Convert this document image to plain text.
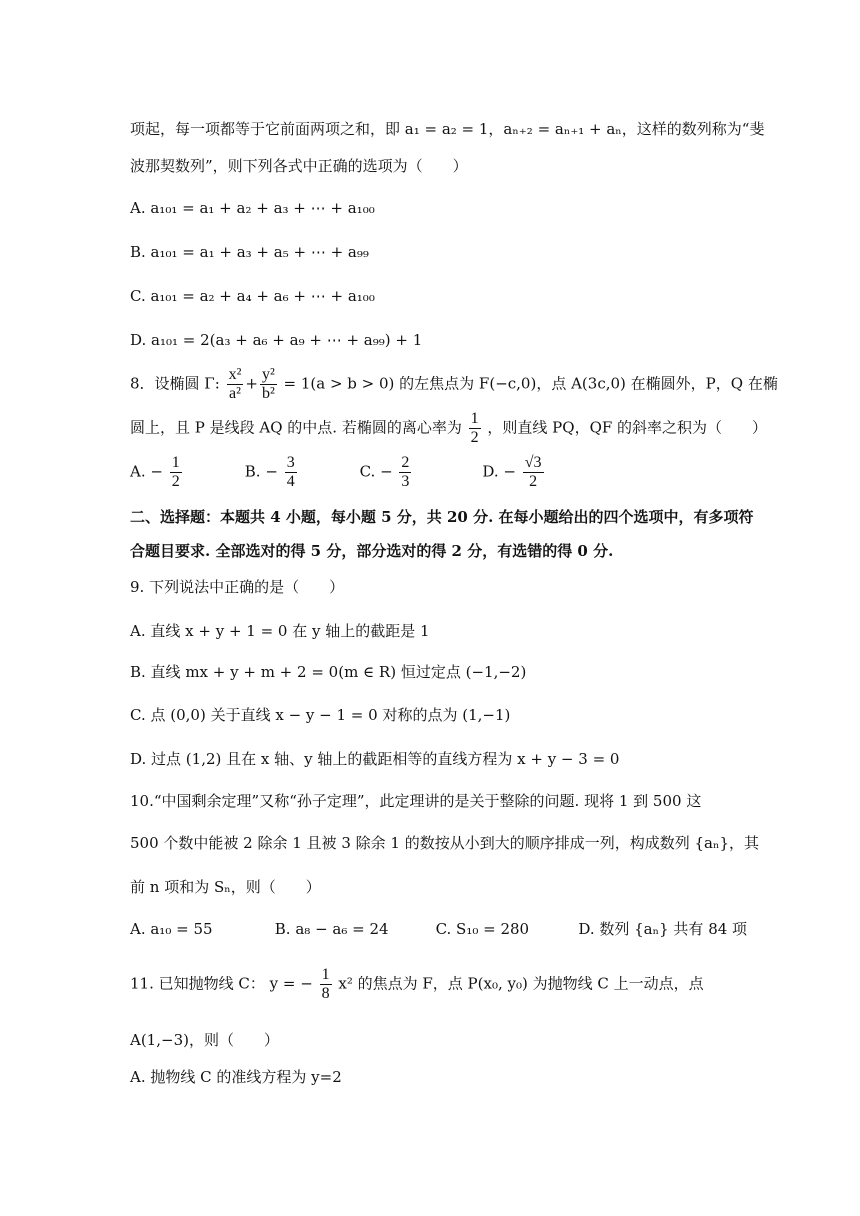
项起，每一项都等于它前面两项之和，即 a₁ = a₂ = 1，aₙ₊₂ = aₙ₊₁ + aₙ，这样的数列称为“斐
波那契数列”，则下列各式中正确的选项为（　　）
A. a₁₀₁ = a₁ + a₂ + a₃ + ⋯ + a₁₀₀
B. a₁₀₁ = a₁ + a₃ + a₅ + ⋯ + a₉₉
C. a₁₀₁ = a₂ + a₄ + a₆ + ⋯ + a₁₀₀
D. a₁₀₁ = 2(a₃ + a₆ + a₉ + ⋯ + a₉₉) + 1
8．设椭圆 Γ: $\frac{\text{x²}}{\text{a²}} + \frac{\text{y²}}{\text{b²}} = 1(a > b > 0)$ 的左焦点为 F(−c,0)，点 A(3c,0) 在椭圆外，P，Q 在椭
圆上，且 P 是线段 AQ 的中点. 若椭圆的离心率为 $\frac{1}{2}$ ，则直线 PQ，QF 的斜率之积为（　　）
A. − $\frac{1}{2}$	B. − $\frac{3}{4}$	C. − $\frac{2}{3}$	D. − $\frac{√3}{2}$
二、选择题：本题共 4 小题，每小题 5 分，共 20 分. 在每小题给出的四个选项中，有多项符
合题目要求. 全部选对的得 5 分，部分选对的得 2 分，有选错的得 0 分.
9. 下列说法中正确的是（　　）
A. 直线 x + y + 1 = 0 在 y 轴上的截距是 1
B. 直线 mx + y + m + 2 = 0(m ∈ R) 恒过定点 (−1,−2)
C. 点 (0,0) 关于直线 x − y − 1 = 0 对称的点为 (1,−1)
D. 过点 (1,2) 且在 x 轴、y 轴上的截距相等的直线方程为 x + y − 3 = 0
10.“中国剩余定理”又称“孙子定理”，此定理讲的是关于整除的问题. 现将 1 到 500 这
500 个数中能被 2 除余 1 且被 3 除余 1 的数按从小到大的顺序排成一列，构成数列 {aₙ}，其
前 n 项和为 Sₙ，则（　　）
A. a₁₀ = 55	B. a₈ − a₆ = 24	C. S₁₀ = 280	D. 数列 {aₙ} 共有 84 项
11. 已知抛物线 C： y = − $\frac{1}{8} x^2$ 的焦点为 F，点 P(x₀, y₀) 为抛物线 C 上一动点，点
A(1,−3)，则（　　）
A. 抛物线 C 的准线方程为 y=2
